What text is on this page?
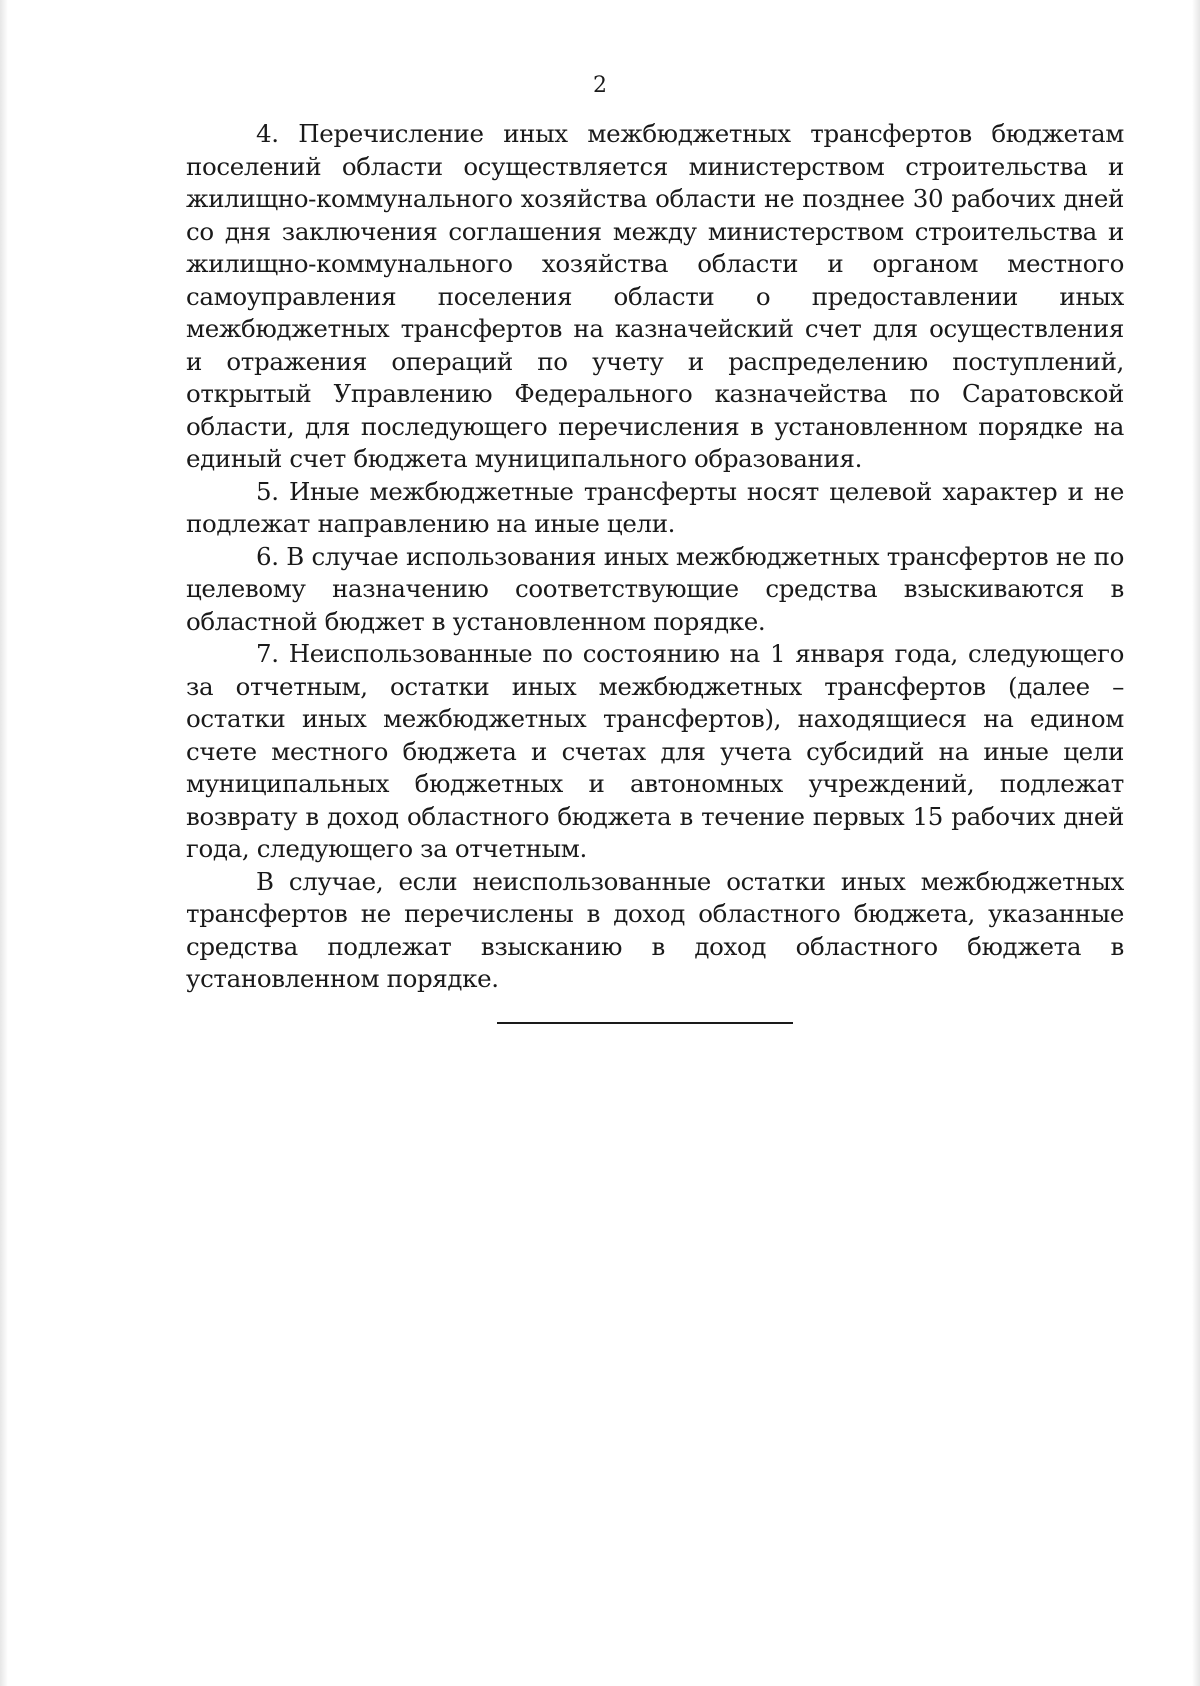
2

4. Перечисление иных межбюджетных трансфертов бюджетам поселений области осуществляется министерством строительства и жилищно-коммунального хозяйства области не позднее 30 рабочих дней со дня заключения соглашения между министерством строительства и жилищно-коммунального хозяйства области и органом местного самоуправления поселения области о предоставлении иных межбюджетных трансфертов на казначейский счет для осуществления и отражения операций по учету и распределению поступлений, открытый Управлению Федерального казначейства по Саратовской области, для последующего перечисления в установленном порядке на единый счет бюджета муниципального образования.

5. Иные межбюджетные трансферты носят целевой характер и не подлежат направлению на иные цели.

6. В случае использования иных межбюджетных трансфертов не по целевому назначению соответствующие средства взыскиваются в областной бюджет в установленном порядке.

7. Неиспользованные по состоянию на 1 января года, следующего за отчетным, остатки иных межбюджетных трансфертов (далее – остатки иных межбюджетных трансфертов), находящиеся на едином счете местного бюджета и счетах для учета субсидий на иные цели муниципальных бюджетных и автономных учреждений, подлежат возврату в доход областного бюджета в течение первых 15 рабочих дней года, следующего за отчетным.

В случае, если неиспользованные остатки иных межбюджетных трансфертов не перечислены в доход областного бюджета, указанные средства подлежат взысканию в доход областного бюджета в установленном порядке.
